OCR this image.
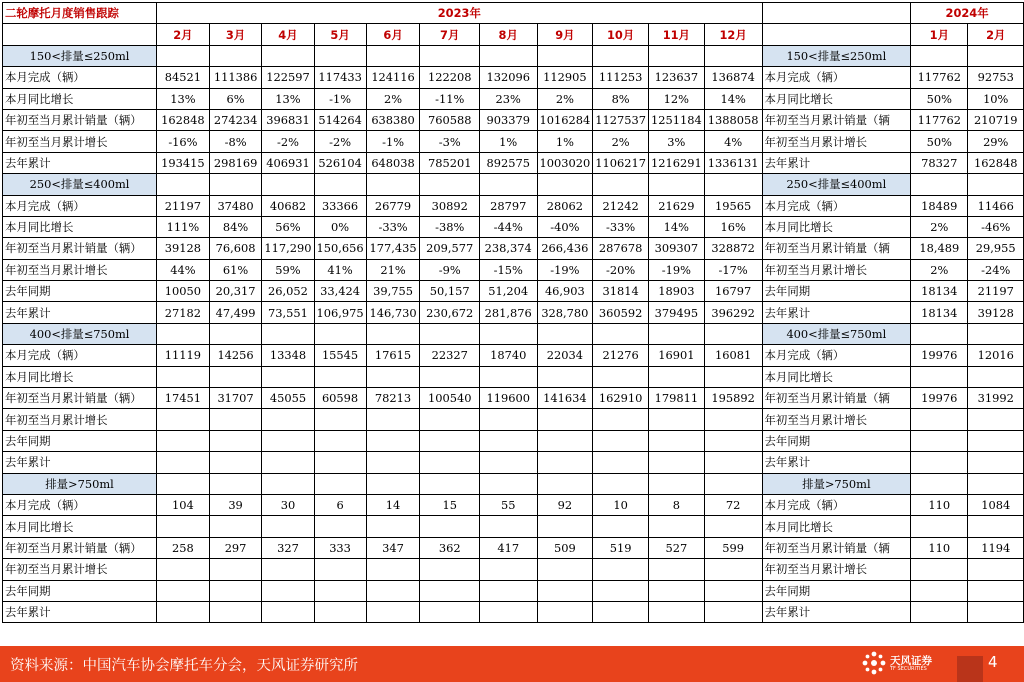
二轮摩托月度销售跟踪	2023年												2024年	
	2月	3月	4月	5月	6月	7月	8月	9月	10月	11月	12月		1月	2月
150<排量≤250ml												150<排量≤250ml		
本月完成（辆）	84521	111386	122597	117433	124116	122208	132096	112905	111253	123637	136874	本月完成（辆）	117762	92753
本月同比增长	13%	6%	13%	-1%	2%	-11%	23%	2%	8%	12%	14%	本月同比增长	50%	10%
年初至当月累计销量（辆）	162848	274234	396831	514264	638380	760588	903379	1016284	1127537	1251184	1388058	年初至当月累计销量（辆	117762	210719
年初至当月累计增长	-16%	-8%	-2%	-2%	-1%	-3%	1%	1%	2%	3%	4%	年初至当月累计增长	50%	29%
去年累计	193415	298169	406931	526104	648038	785201	892575	1003020	1106217	1216291	1336131	去年累计	78327	162848
250<排量≤400ml												250<排量≤400ml		
本月完成（辆）	21197	37480	40682	33366	26779	30892	28797	28062	21242	21629	19565	本月完成（辆）	18489	11466
本月同比增长	111%	84%	56%	0%	-33%	-38%	-44%	-40%	-33%	14%	16%	本月同比增长	2%	-46%
年初至当月累计销量（辆）	39128	76,608	117,290	150,656	177,435	209,577	238,374	266,436	287678	309307	328872	年初至当月累计销量（辆	18,489	29,955
年初至当月累计增长	44%	61%	59%	41%	21%	-9%	-15%	-19%	-20%	-19%	-17%	年初至当月累计增长	2%	-24%
去年同期	10050	20,317	26,052	33,424	39,755	50,157	51,204	46,903	31814	18903	16797	去年同期	18134	21197
去年累计	27182	47,499	73,551	106,975	146,730	230,672	281,876	328,780	360592	379495	396292	去年累计	18134	39128
400<排量≤750ml												400<排量≤750ml		
本月完成（辆）	11119	14256	13348	15545	17615	22327	18740	22034	21276	16901	16081	本月完成（辆）	19976	12016
本月同比增长												本月同比增长		
年初至当月累计销量（辆）	17451	31707	45055	60598	78213	100540	119600	141634	162910	179811	195892	年初至当月累计销量（辆	19976	31992
年初至当月累计增长												年初至当月累计增长		
去年同期												去年同期		
去年累计												去年累计		
排量>750ml												排量>750ml		
本月完成（辆）	104	39	30	6	14	15	55	92	10	8	72	本月完成（辆）	110	1084
本月同比增长												本月同比增长		
年初至当月累计销量（辆）	258	297	327	333	347	362	417	509	519	527	599	年初至当月累计销量（辆	110	1194
年初至当月累计增长												年初至当月累计增长		
去年同期												去年同期		
去年累计												去年累计		
资料来源：中国汽车协会摩托车分会，天风证券研究所	天风证券
TF SECURITIES	4
